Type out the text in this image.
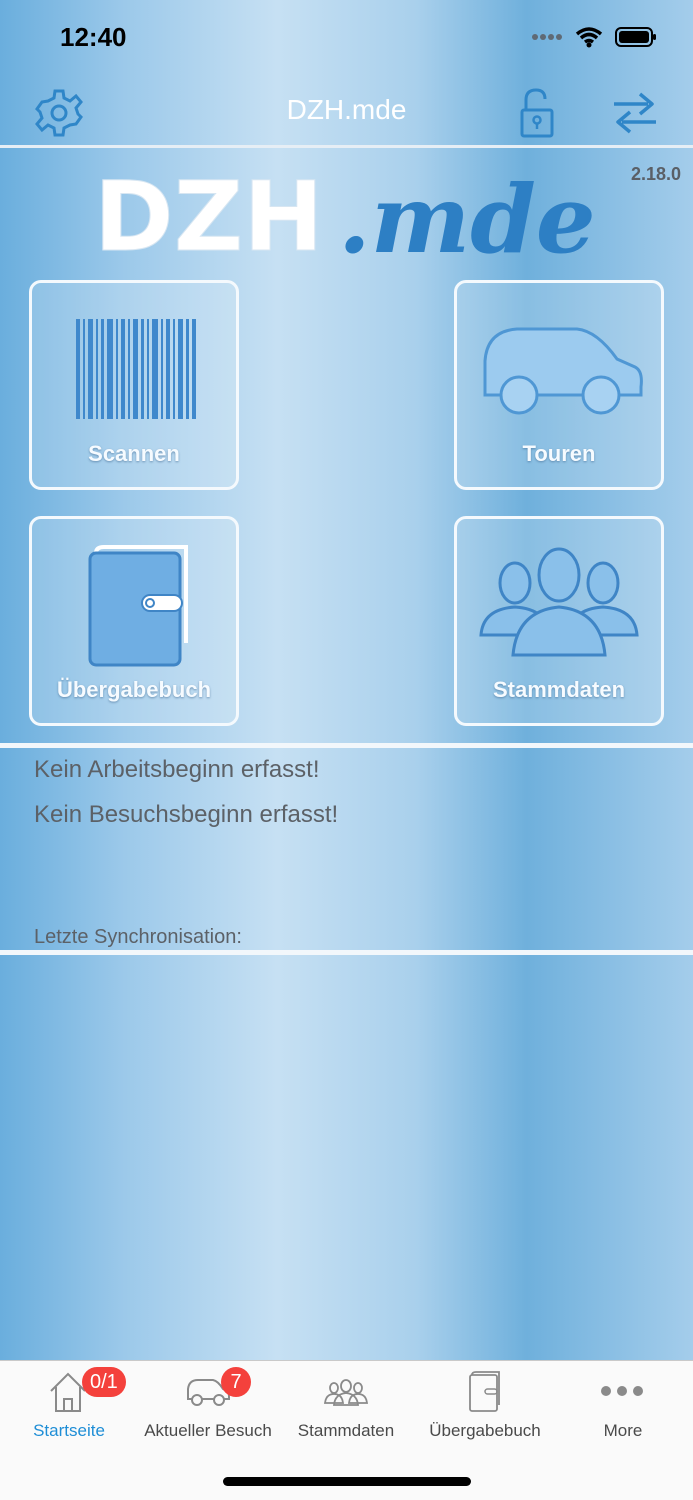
12:40
DZH.mde
DZH .mde 2.18.0
Scannen	Touren
Übergabebuch	Stammdaten
Kein Arbeitsbeginn erfasst!
Kein Besuchsbeginn erfasst!
Letzte Synchronisation:
0/1
Startseite
7
Aktueller Besuch	Stammdaten	Übergabebuch	More
